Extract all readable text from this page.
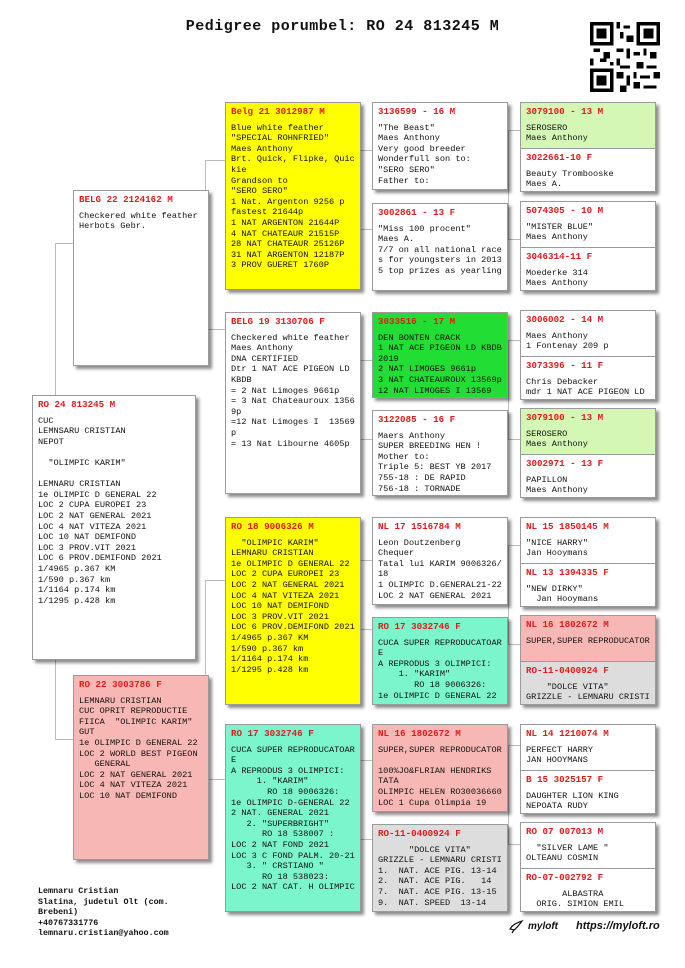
Pedigree porumbel: RO 24 813245 M
RO 24 813245 M
CUC
LEMNSARU CRISTIAN
NEPOT

"OLIMPIC KARIM"

LEMNARU CRISTIAN
1e OLIMPIC D GENERAL 22
LOC 2 CUPA EUROPEI 23
LOC 2 NAT GENERAL 2021
LOC 4 NAT VITEZA 2021
LOC 10 NAT DEMIFOND
LOC 3 PROV.VIT 2021
LOC 6 PROV.DEMIFOND 2021
1/4965 p.367 KM
1/590 p.367 km
1/1164 p.174 km
1/1295 p.428 km
BELG 22 2124162 M
Checkered white feather
Herbots Gebr.
RO 22 3003786 F
LEMNARU CRISTIAN
CUC OPRIT REPRODUCTIE
FIICA  "OLIMPIC KARIM"
GUT
1e OLIMPIC D GENERAL 22
LOC 2 WORLD BEST PIGEON
GENERAL
LOC 2 NAT GENERAL 2021
LOC 4 NAT VITEZA 2021
LOC 10 NAT DEMIFOND
Belg 21 3012987 M
Blue white feather
"SPECIAL ROHNFRIED"
Maes Anthony
Brt. Quick, Flipke, Quickie
Grandson to
"SERO SERO"
1 Nat. Argenton 9256 p
fastest 21644p
1 NAT ARGENTON 21644P
4 NAT CHATEAUR 21515P
28 NAT CHATEAUR 25126P
31 NAT ARGENTON 12187P
3 PROV GUERET 1760P
BELG 19 3130706 F
Checkered white feather
Maes Anthony
DNA CERTIFIED
Dtr 1 NAT ACE PIGEON LD
KBDB
= 2 Nat Limoges 9661p
= 3 Nat Chateauroux 13569p
=12 Nat Limoges I  13569
p
= 13 Nat Libourne 4605p
RO 18 9006326 M
"OLIMPIC KARIM"
LEMNARU CRISTIAN
1e OLIMPIC D GENERAL 22
LOC 2 CUPA EUROPEI 23
LOC 2 NAT GENERAL 2021
LOC 4 NAT VITEZA 2021
LOC 10 NAT DEMIFOND
LOC 3 PROV.VIT 2021
LOC 6 PROV.DEMIFOND 2021
1/4965 p.367 KM
1/590 p.367 km
1/1164 p.174 km
1/1295 p.428 km
RO 17 3032746 F
CUCA SUPER REPRODUCATOARE
A REPRODUS 3 OLIMPICI:
1. "KARIM"
RO 18 9006326:
1e OLIMPIC D-GENERAL 22
2 NAT. GENERAL 2021
2. "SUPERBRIGHT"
RO 18 538007 :
LOC 2 NAT FOND 2021
LOC 3 C FOND PALM. 20-21
3. " CRSTIANO "
RO 18 538023:
LOC 2 NAT CAT. H OLIMPIC
3136599 - 16 M
"The Beast"
Maes Anthony
Very good breeder
Wonderfull son to:
"SERO SERO"
Father to:
3002861 - 13 F
"Miss 100 procent"
Maes A.
7/7 on all national races for youngsters in 2013
5 top prizes as yearling
3033516 - 17 M
DEN BONTEN CRACK
1 NAT ACE PIGEON LD KBDB
2019
2 NAT LIMOGES 9661p
3 NAT CHATEAUROUX 13569p
12 NAT LIMOGES I 13569
3122085 - 16 F
Maers Anthony
SUPER BREEDING HEN !
Mother to:
Triple 5: BEST YB 2017
755-18 : DE RAPID
756-18 : TORNADE
NL 17 1516784 M
Leon Doutzenberg
Chequer
Tatal lui KARIM 9006326/18
1 OLIMPIC D.GENERAL21-22
LOC 2 NAT GENERAL 2021
RO 17 3032746 F
CUCA SUPER REPRODUCATOARE
A REPRODUS 3 OLIMPICI:
1. "KARIM"
RO 18 9006326:
1e OLIMPIC D GENERAL 22
NL 16 1802672 M
SUPER,SUPER REPRODUCATOR

100%JO&FLRIAN HENDRIKS
TATA
OLIMPIC HELEN RO30036660
LOC 1 Cupa Olimpia 19
RO-11-0400924 F
"DOLCE VITA"
GRIZZLE - LEMNARU CRISTI
1.  NAT. ACE PIG. 13-14
2.  NAT. ACE PIG.   14
7.  NAT. ACE PIG. 13-15
9.  NAT. SPEED  13-14
3079100 - 13 M
SEROSERO
Maes Anthony
3022661-10 F
Beauty Trombooske
Maes A.
5074305 - 10 M
"MISTER BLUE"
Maes Anthony
3046314-11 F
Moederke 314
Maes Anthony
3006002 - 14 M
Maes Anthony
1 Fontenay 209 p
3073396 - 11 F
Chris Debacker
mdr 1 NAT ACE PIGEON LD
3079100 - 13 M
SEROSERO
Maes Anthony
3002971 - 13 F
PAPILLON
Maes Anthony
NL 15 1850145 M
"NICE HARRY"
Jan Hooymans
NL 13 1394335 F
"NEW DIRKY"
Jan Hooymans
NL 16 1802672 M
SUPER,SUPER REPRODUCATOR
RO-11-0400924 F
"DOLCE VITA"
GRIZZLE - LEMNARU CRISTI
NL 14 1210074 M
PERFECT HARRY
JAN HOOYMANS
B 15 3025157 F
DAUGHTER LION KING
NEPOATA RUDY
RO 07 007013 M
"SILVER LAME "
OLTEANU COSMIN
RO-07-002792 F
ALBASTRA
ORIG. SIMION EMIL
Lemnaru Cristian
Slatina, judetul Olt (com.
Brebeni)
+40767331776
lemnaru.cristian@yahoo.com
myloft https://myloft.ro
